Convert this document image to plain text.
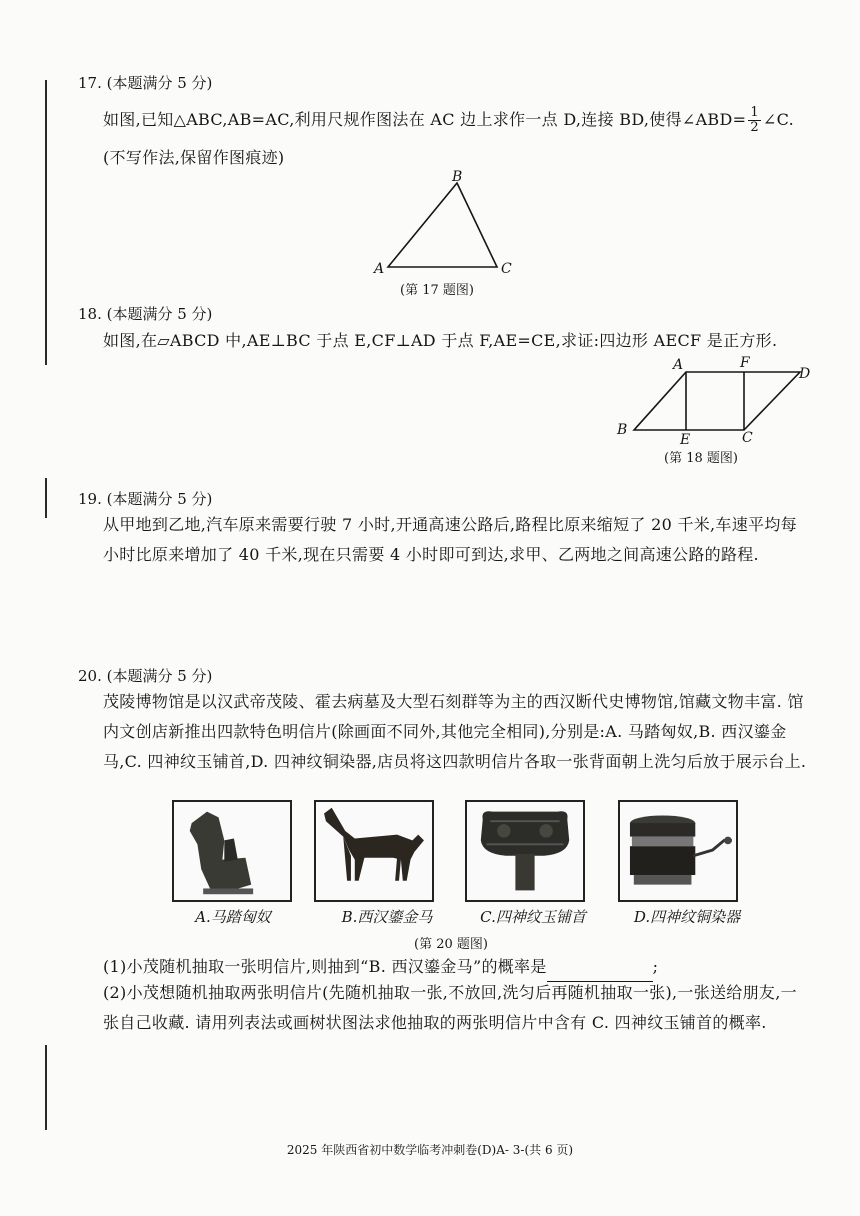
17. (本题满分 5 分)
如图,已知△ABC,AB=AC,利用尺规作图法在 AC 边上求作一点 D,连接 BD,使得∠ABD= $\frac{1}{2}$ ∠C.
(不写作法,保留作图痕迹)
B
A	C
(第 17 题图)
18. (本题满分 5 分)
如图,在▱ABCD 中,AE⊥BC 于点 E,CF⊥AD 于点 F,AE=CE,求证:四边形 AECF 是正方形.
A	F
D
B
E	C
(第 18 题图)
19. (本题满分 5 分)
从甲地到乙地,汽车原来需要行驶 7 小时,开通高速公路后,路程比原来缩短了 20 千米,车速平均每小时比原来增加了 40 千米,现在只需要 4 小时即可到达,求甲、乙两地之间高速公路的路程.
20. (本题满分 5 分)
茂陵博物馆是以汉武帝茂陵、霍去病墓及大型石刻群等为主的西汉断代史博物馆,馆藏文物丰富. 馆内文创店新推出四款特色明信片(除画面不同外,其他完全相同),分别是:A. 马踏匈奴,B. 西汉鎏金马,C. 四神纹玉铺首,D. 四神纹铜染器,店员将这四款明信片各取一张背面朝上洗匀后放于展示台上.
A.马踏匈奴	B.西汉鎏金马	C.四神纹玉铺首	D.四神纹铜染器
(第 20 题图)
(1)小茂随机抽取一张明信片,则抽到“B. 西汉鎏金马”的概率是	;
(2)小茂想随机抽取两张明信片(先随机抽取一张,不放回,洗匀后再随机抽取一张),一张送给朋友,一张自己收藏. 请用列表法或画树状图法求他抽取的两张明信片中含有 C. 四神纹玉铺首的概率.
2025 年陕西省初中数学临考冲刺卷(D)A- 3-(共 6 页)
